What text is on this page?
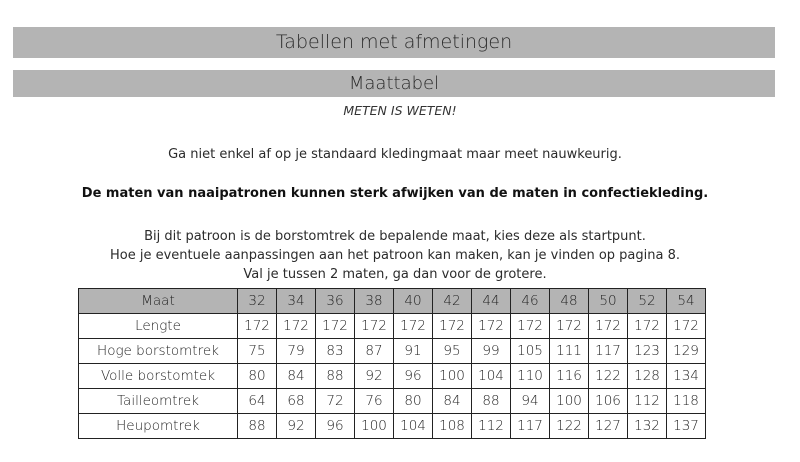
Tabellen met afmetingen
Maattabel
METEN IS WETEN!
Ga niet enkel af op je standaard kledingmaat maar meet nauwkeurig.
De maten van naaipatronen kunnen sterk afwijken van de maten in confectiekleding.
Bij dit patroon is de borstomtrek de bepalende maat, kies deze als startpunt.
Hoe je eventuele aanpassingen aan het patroon kan maken, kan je vinden op pagina 8.
Val je tussen 2 maten, ga dan voor de grotere.
Maat	32	34	36	38	40	42	44	46	48	50	52	54
Lengte	172	172	172	172	172	172	172	172	172	172	172	172
Hoge borstomtrek	75	79	83	87	91	95	99	105	111	117	123	129
Volle borstomtek	80	84	88	92	96	100	104	110	116	122	128	134
Tailleomtrek	64	68	72	76	80	84	88	94	100	106	112	118
Heupomtrek	88	92	96	100	104	108	112	117	122	127	132	137
